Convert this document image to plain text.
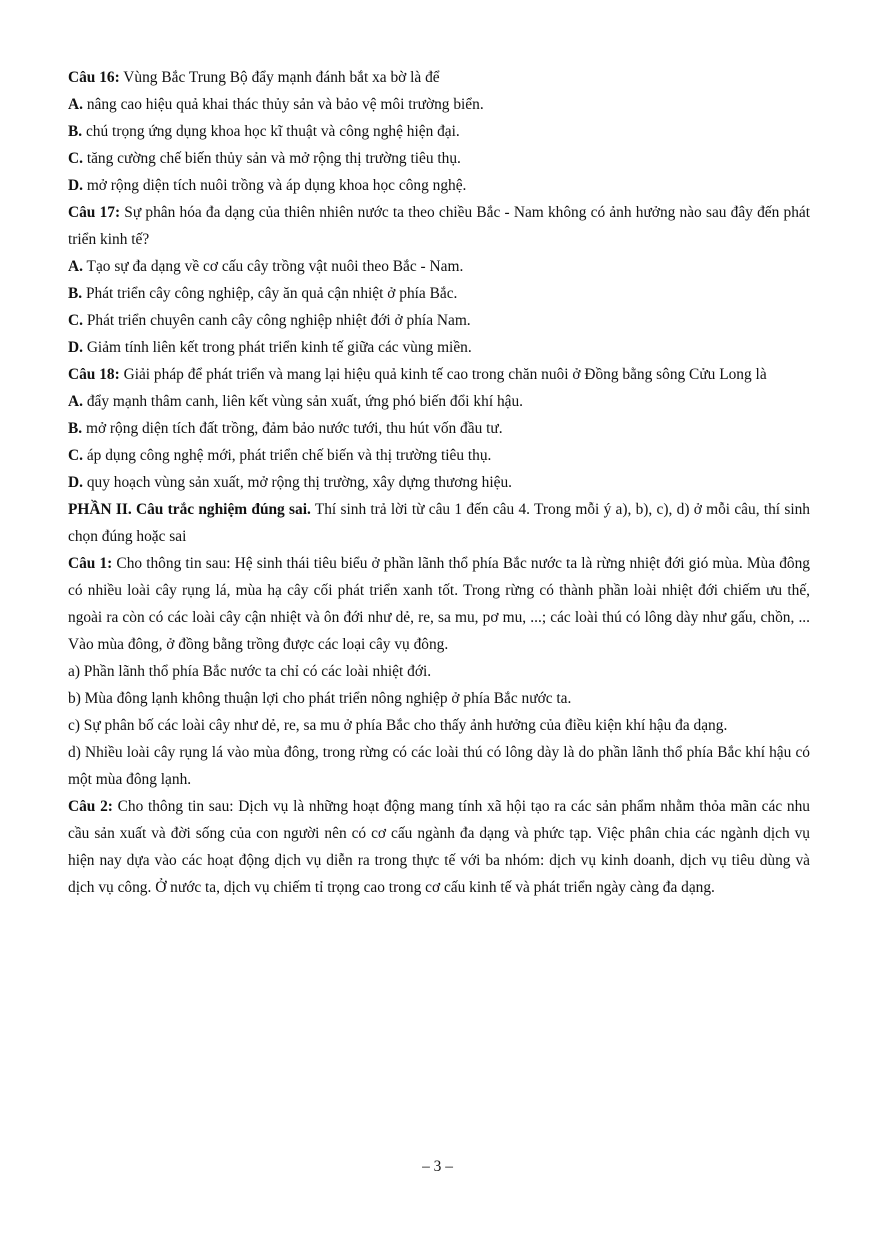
Câu 16: Vùng Bắc Trung Bộ đẩy mạnh đánh bắt xa bờ là để

A. nâng cao hiệu quả khai thác thủy sản và bảo vệ môi trường biển.

B. chú trọng ứng dụng khoa học kĩ thuật và công nghệ hiện đại.

C. tăng cường chế biến thủy sản và mở rộng thị trường tiêu thụ.

D. mở rộng diện tích nuôi trồng và áp dụng khoa học công nghệ.

Câu 17: Sự phân hóa đa dạng của thiên nhiên nước ta theo chiều Bắc - Nam không có ảnh hưởng nào sau đây đến phát triển kinh tế?

A. Tạo sự đa dạng về cơ cấu cây trồng vật nuôi theo Bắc - Nam.

B. Phát triển cây công nghiệp, cây ăn quả cận nhiệt ở phía Bắc.

C. Phát triển chuyên canh cây công nghiệp nhiệt đới ở phía Nam.

D. Giảm tính liên kết trong phát triển kinh tế giữa các vùng miền.

Câu 18: Giải pháp để phát triển và mang lại hiệu quả kinh tế cao trong chăn nuôi ở Đồng bằng sông Cửu Long là

A. đẩy mạnh thâm canh, liên kết vùng sản xuất, ứng phó biến đổi khí hậu.

B. mở rộng diện tích đất trồng, đảm bảo nước tưới, thu hút vốn đầu tư.

C. áp dụng công nghệ mới, phát triển chế biến và thị trường tiêu thụ.

D. quy hoạch vùng sản xuất, mở rộng thị trường, xây dựng thương hiệu.

PHẦN II. Câu trắc nghiệm đúng sai. Thí sinh trả lời từ câu 1 đến câu 4. Trong mỗi ý a), b), c), d) ở mỗi câu, thí sinh chọn đúng hoặc sai

Câu 1: Cho thông tin sau: Hệ sinh thái tiêu biểu ở phần lãnh thổ phía Bắc nước ta là rừng nhiệt đới gió mùa. Mùa đông có nhiều loài cây rụng lá, mùa hạ cây cối phát triển xanh tốt. Trong rừng có thành phần loài nhiệt đới chiếm ưu thế, ngoài ra còn có các loài cây cận nhiệt và ôn đới như dẻ, re, sa mu, pơ mu, ...; các loài thú có lông dày như gấu, chồn, ... Vào mùa đông, ở đồng bằng trồng được các loại cây vụ đông.

a) Phần lãnh thổ phía Bắc nước ta chỉ có các loài nhiệt đới.

b) Mùa đông lạnh không thuận lợi cho phát triển nông nghiệp ở phía Bắc nước ta.

c) Sự phân bố các loài cây như dẻ, re, sa mu ở phía Bắc cho thấy ảnh hưởng của điều kiện khí hậu đa dạng.

d) Nhiều loài cây rụng lá vào mùa đông, trong rừng có các loài thú có lông dày là do phần lãnh thổ phía Bắc khí hậu có một mùa đông lạnh.

Câu 2: Cho thông tin sau: Dịch vụ là những hoạt động mang tính xã hội tạo ra các sản phẩm nhằm thỏa mãn các nhu cầu sản xuất và đời sống của con người nên có cơ cấu ngành đa dạng và phức tạp. Việc phân chia các ngành dịch vụ hiện nay dựa vào các hoạt động dịch vụ diễn ra trong thực tế với ba nhóm: dịch vụ kinh doanh, dịch vụ tiêu dùng và dịch vụ công. Ở nước ta, dịch vụ chiếm tỉ trọng cao trong cơ cấu kinh tế và phát triển ngày càng đa dạng.

– 3 –
